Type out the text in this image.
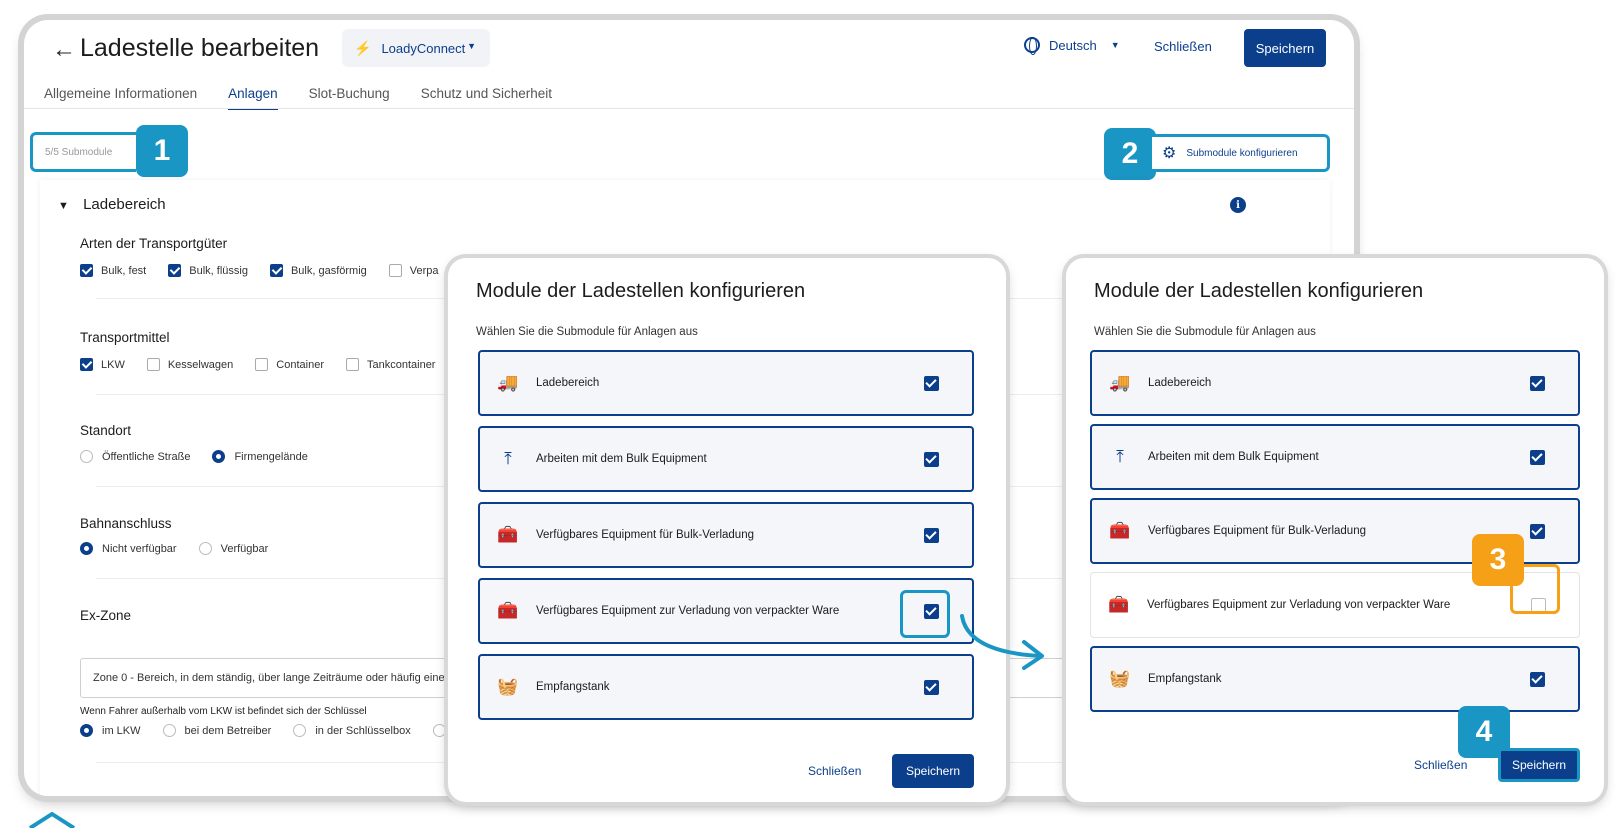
← Ladestelle bearbeiten ⚡ LoadyConnect ▼	Deutsch ▼	Schließen	Speichern
Allgemeine Informationen Anlagen Slot-Buchung Schutz und Sicherheit
5/5 Submodule	1	2	⚙ Submodule konfigurieren
▼ Ladebereich	i
Arten der Transportgüter
Bulk, fest	Bulk, flüssig	Bulk, gasförmig	Verpa
Transportmittel
LKW	Kesselwagen	Container	Tankcontainer
Standort
Öffentliche Straße	Firmengelände
Bahnanschluss
Nicht verfügbar	Verfügbar
Ex-Zone
Zone 0 - Bereich, in dem ständig, über lange Zeiträume oder häufig eine
Wenn Fahrer außerhalb vom LKW ist befindet sich der Schlüssel
im LKW	bei dem Betreiber	in der Schlüsselbox
Module der Ladestellen konfigurieren
Wählen Sie die Submodule für Anlagen aus
🚚	Ladebereich
⤒	Arbeiten mit dem Bulk Equipment
🧰	Verfügbares Equipment für Bulk-Verladung
🧰	Verfügbares Equipment zur Verladung von verpackter Ware
🧺	Empfangstank
Schließen	Speichern
Module der Ladestellen konfigurieren
Wählen Sie die Submodule für Anlagen aus
🚚	Ladebereich
⤒	Arbeiten mit dem Bulk Equipment
🧰	Verfügbares Equipment für Bulk-Verladung
🧰	Verfügbares Equipment zur Verladung von verpackter Ware
3
🧺	Empfangstank
Schließen
4
Speichern
